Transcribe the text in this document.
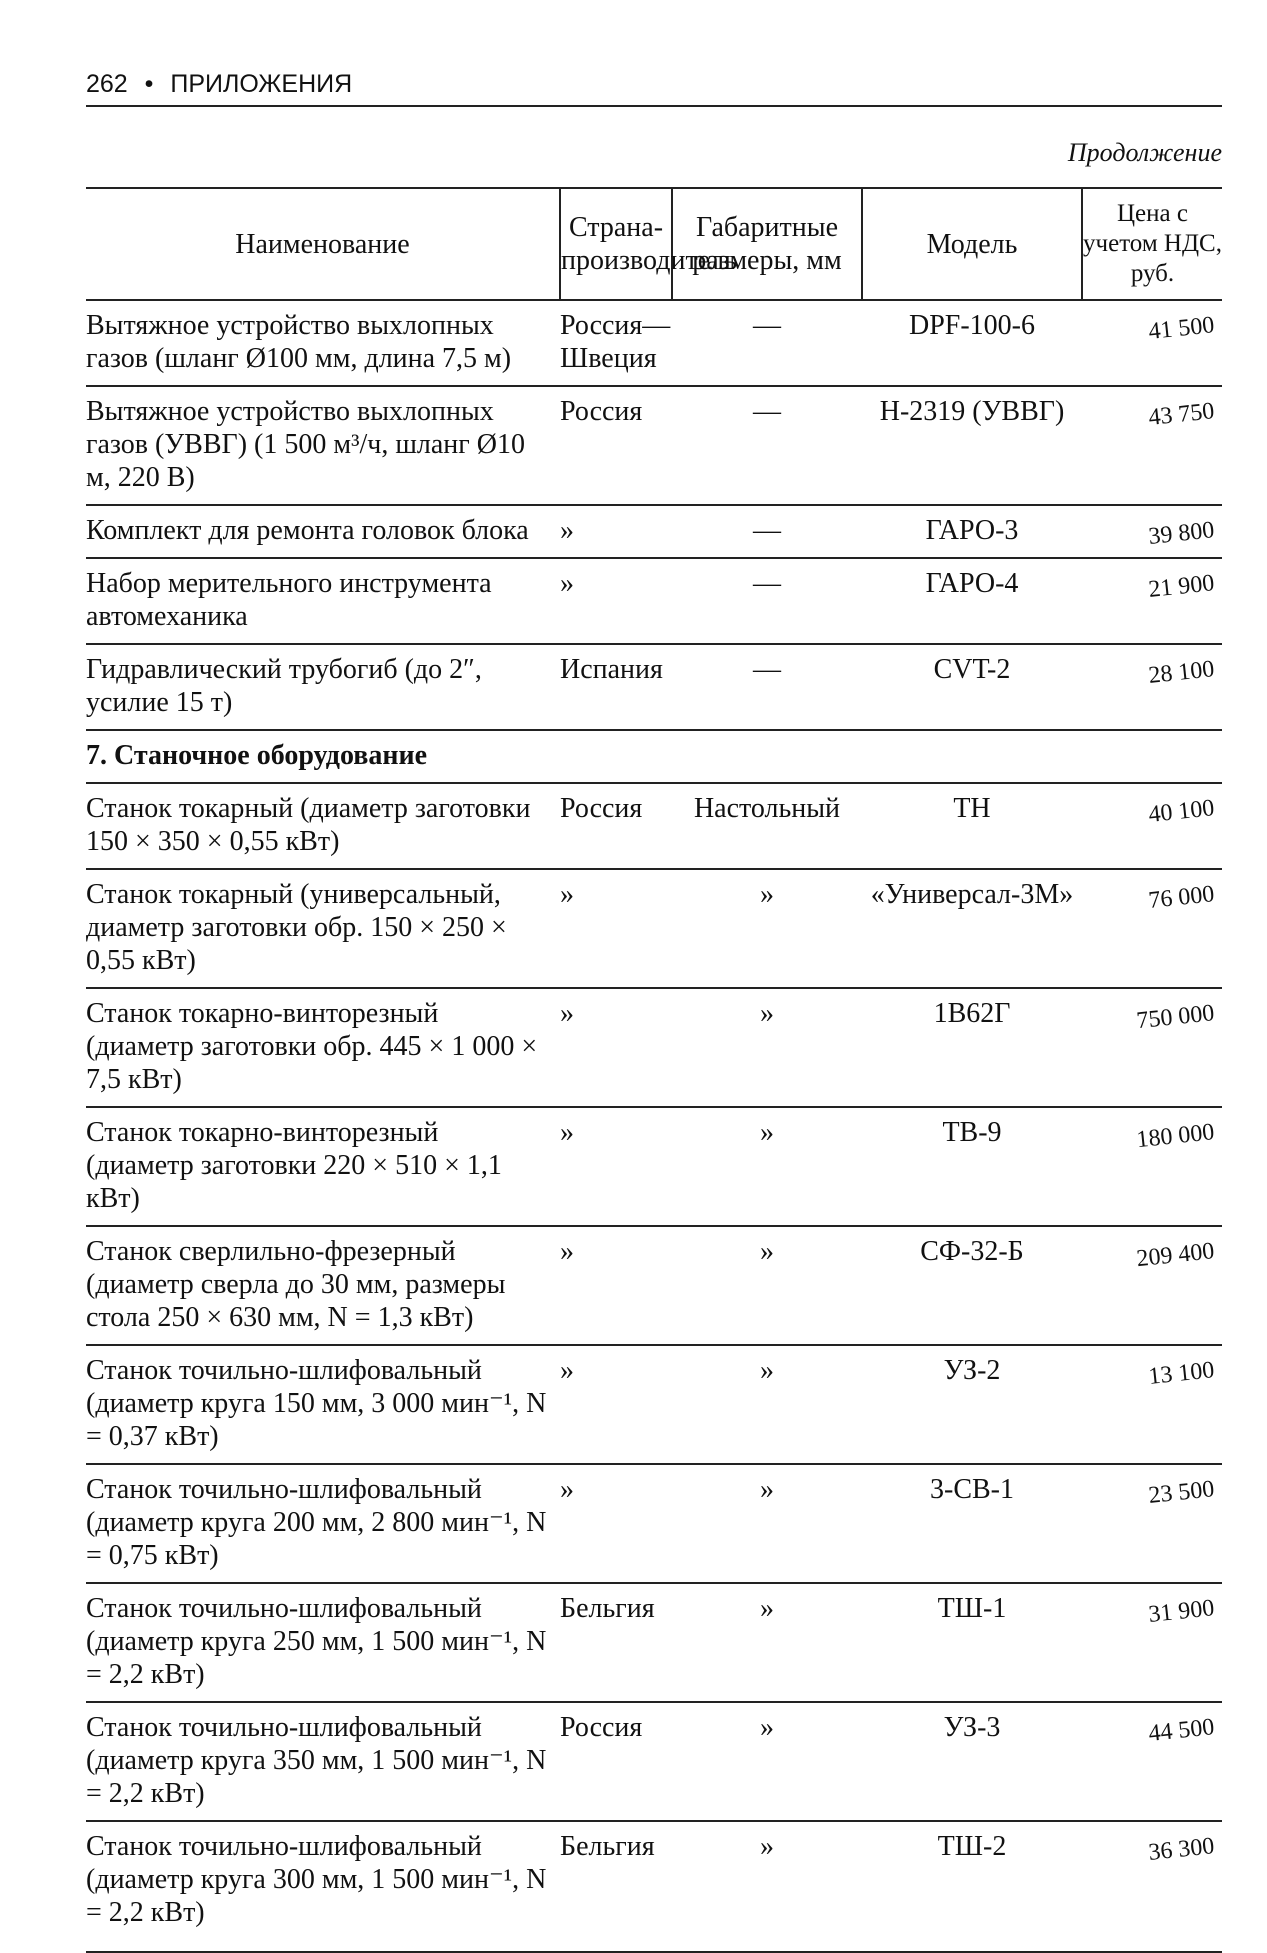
262 • ПРИЛОЖЕНИЯ
Продолжение
Наименование	Страна-производитель	Габаритные размеры, мм	Модель	Цена с учетом НДС, руб.
Вытяжное устройство выхлопных газов (шланг Ø100 мм, длина 7,5 м)	Россия— Швеция	—	DPF-100-6	41 500
Вытяжное устройство выхлопных газов (УВВГ) (1 500 м³/ч, шланг Ø10 м, 220 В)	Россия	—	Н-2319 (УВВГ)	43 750
Комплект для ремонта головок блока	»	—	ГАРО-3	39 800
Набор мерительного инструмента автомеханика	»	—	ГАРО-4	21 900
Гидравлический трубогиб (до 2″, усилие 15 т)	Испания	—	CVT-2	28 100
7. Станочное оборудование				
Станок токарный (диаметр заготовки 150 × 350 × 0,55 кВт)	Россия	Настольный	ТН	40 100
Станок токарный (универсальный, диаметр заготовки обр. 150 × 250 × 0,55 кВт)	»	»	«Универсал-3М»	76 000
Станок токарно-винторезный (диаметр заготовки обр. 445 × 1 000 × 7,5 кВт)	»	»	1В62Г	750 000
Станок токарно-винторезный (диаметр заготовки 220 × 510 × 1,1 кВт)	»	»	ТВ-9	180 000
Станок сверлильно-фрезерный (диаметр сверла до 30 мм, размеры стола 250 × 630 мм, N = 1,3 кВт)	»	»	СФ-32-Б	209 400
Станок точильно-шлифовальный (диаметр круга 150 мм, 3 000 мин⁻¹, N = 0,37 кВт)	»	»	УЗ-2	13 100
Станок точильно-шлифовальный (диаметр круга 200 мм, 2 800 мин⁻¹, N = 0,75 кВт)	»	»	3-СВ-1	23 500
Станок точильно-шлифовальный (диаметр круга 250 мм, 1 500 мин⁻¹, N = 2,2 кВт)	Бельгия	»	ТШ-1	31 900
Станок точильно-шлифовальный (диаметр круга 350 мм, 1 500 мин⁻¹, N = 2,2 кВт)	Россия	»	УЗ-3	44 500
Станок точильно-шлифовальный (диаметр круга 300 мм, 1 500 мин⁻¹, N = 2,2 кВт)	Бельгия	»	ТШ-2	36 300
